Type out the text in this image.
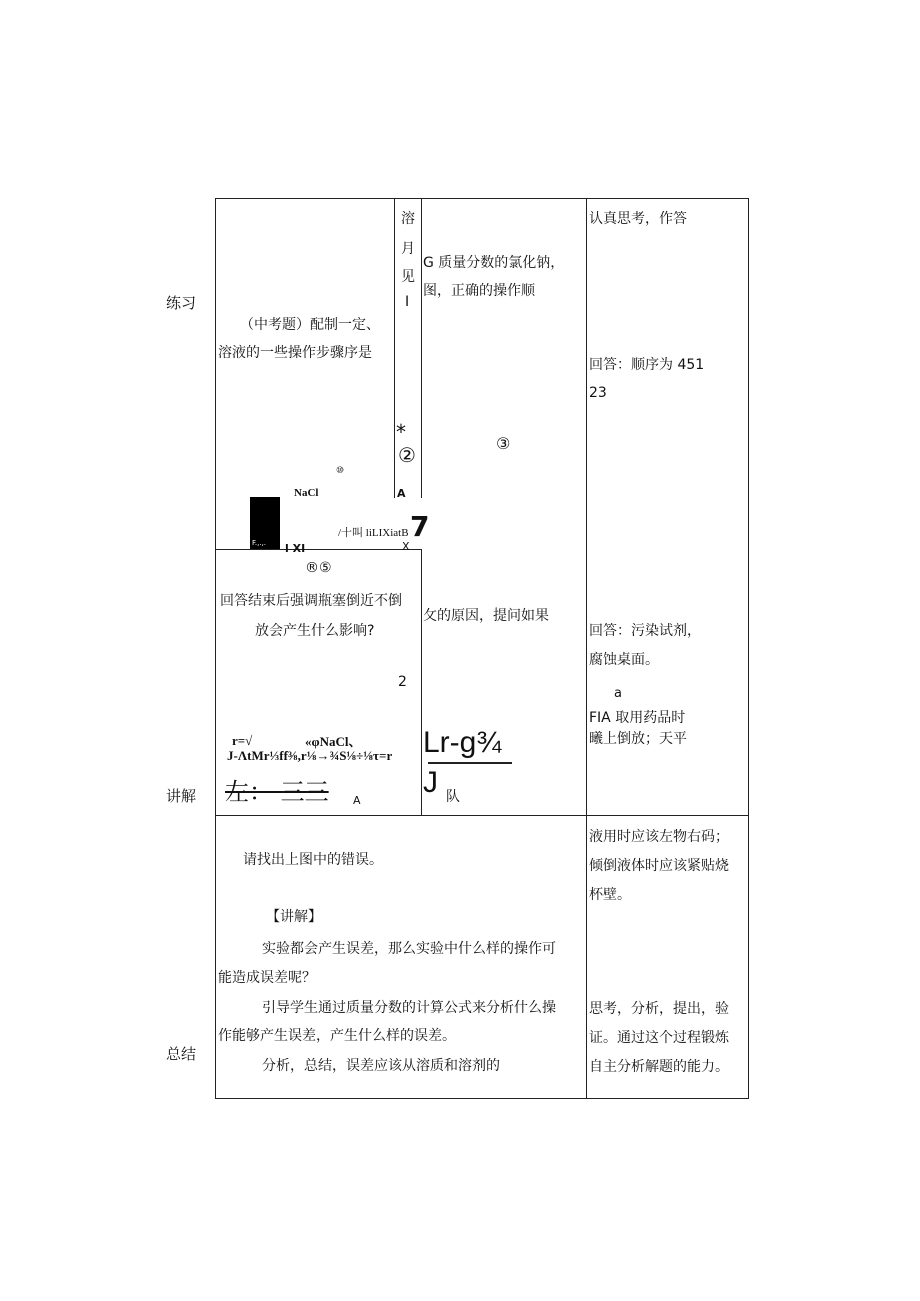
练习
讲解
总结
（中考题）配制一定、
溶液的一些操作步骤序是
溶
月
见
I
G 质量分数的氯化钠，
图，正确的操作顺
*
②
A
③
⑩
NaCl
F.,.,.
/十叫 liLIXiatB 7
l XI	X
认真思考，作答
回答：顺序为 451
23
®⑤
回答结束后强调瓶塞倒近不倒
放会产生什么影响?
2
r=√	«φNaCl、
J-ΛtMr⅓ff⅜,r⅛→¾S⅛÷⅛τ=r
左： 三三 A
攵的原因，提问如果
Lr-g¾
J 队
回答：污染试剂，
腐蚀桌面。
a
FIA 取用药品时
曦上倒放；天平
请找出上图中的错误。
【讲解】
实验都会产生误差，那么实验中什么样的操作可
能造成误差呢？
引导学生通过质量分数的计算公式来分析什么操
作能够产生误差，产生什么样的误差。
分析，总结，误差应该从溶质和溶剂的
液用时应该左物右码；
倾倒液体时应该紧贴烧
杯壁。
思考，分析，提出，验
证。通过这个过程锻炼
自主分析解题的能力。
